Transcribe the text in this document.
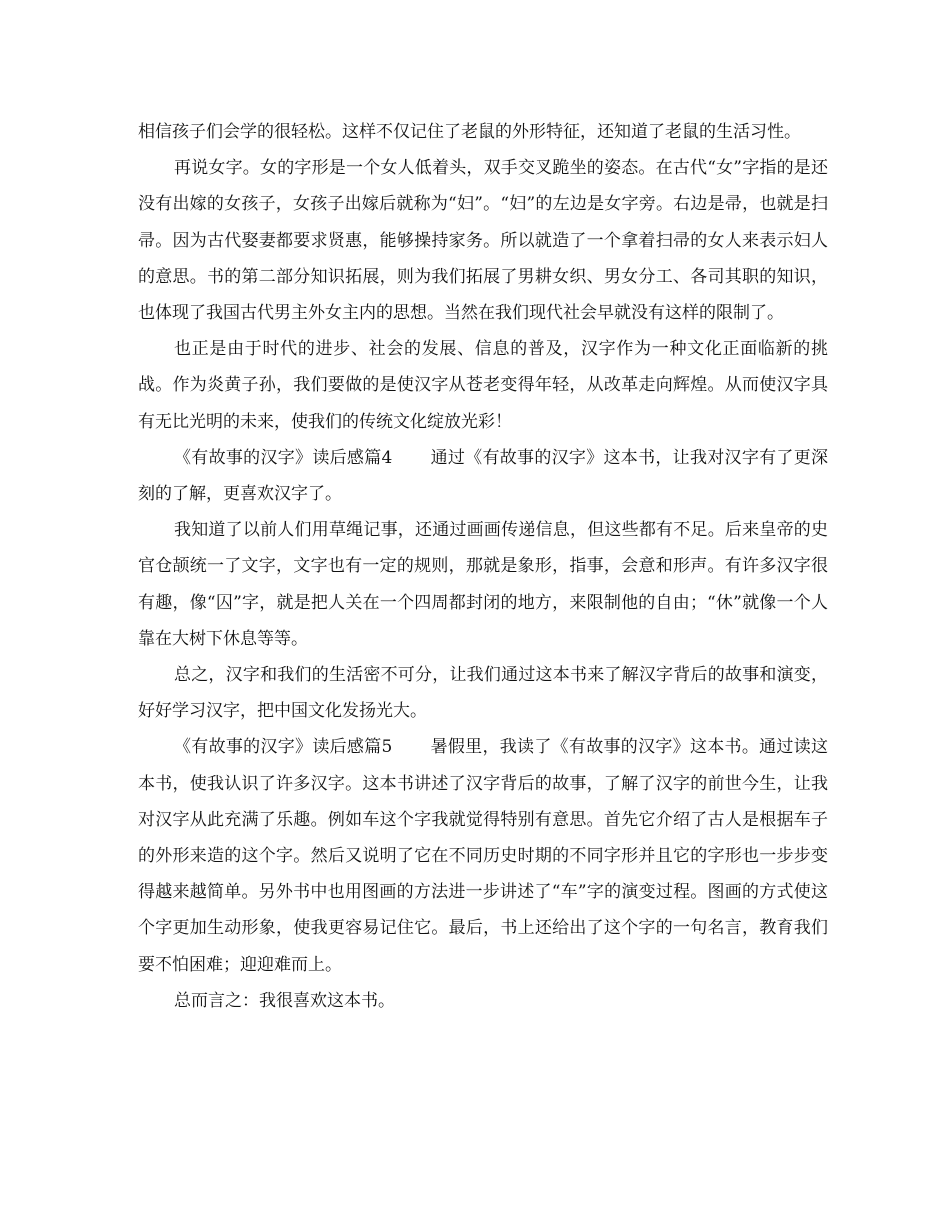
相信孩子们会学的很轻松。这样不仅记住了老鼠的外形特征，还知道了老鼠的生活习性。

再说女字。女的字形是一个女人低着头，双手交叉跪坐的姿态。在古代“女”字指的是还没有出嫁的女孩子，女孩子出嫁后就称为“妇”。“妇”的左边是女字旁。右边是帚，也就是扫帚。因为古代娶妻都要求贤惠，能够操持家务。所以就造了一个拿着扫帚的女人来表示妇人的意思。书的第二部分知识拓展，则为我们拓展了男耕女织、男女分工、各司其职的知识，也体现了我国古代男主外女主内的思想。当然在我们现代社会早就没有这样的限制了。

也正是由于时代的进步、社会的发展、信息的普及，汉字作为一种文化正面临新的挑战。作为炎黄子孙，我们要做的是使汉字从苍老变得年轻，从改革走向辉煌。从而使汉字具有无比光明的未来，使我们的传统文化绽放光彩！

《有故事的汉字》读后感篇4 通过《有故事的汉字》这本书，让我对汉字有了更深刻的了解，更喜欢汉字了。

我知道了以前人们用草绳记事，还通过画画传递信息，但这些都有不足。后来皇帝的史官仓颉统一了文字，文字也有一定的规则，那就是象形，指事，会意和形声。有许多汉字很有趣，像“囚”字，就是把人关在一个四周都封闭的地方，来限制他的自由；“休”就像一个人靠在大树下休息等等。

总之，汉字和我们的生活密不可分，让我们通过这本书来了解汉字背后的故事和演变，好好学习汉字，把中国文化发扬光大。

《有故事的汉字》读后感篇5 暑假里，我读了《有故事的汉字》这本书。通过读这本书，使我认识了许多汉字。这本书讲述了汉字背后的故事，了解了汉字的前世今生，让我对汉字从此充满了乐趣。例如车这个字我就觉得特别有意思。首先它介绍了古人是根据车子的外形来造的这个字。然后又说明了它在不同历史时期的不同字形并且它的字形也一步步变得越来越简单。另外书中也用图画的方法进一步讲述了“车”字的演变过程。图画的方式使这个字更加生动形象，使我更容易记住它。最后，书上还给出了这个字的一句名言，教育我们要不怕困难；迎迎难而上。

总而言之：我很喜欢这本书。
